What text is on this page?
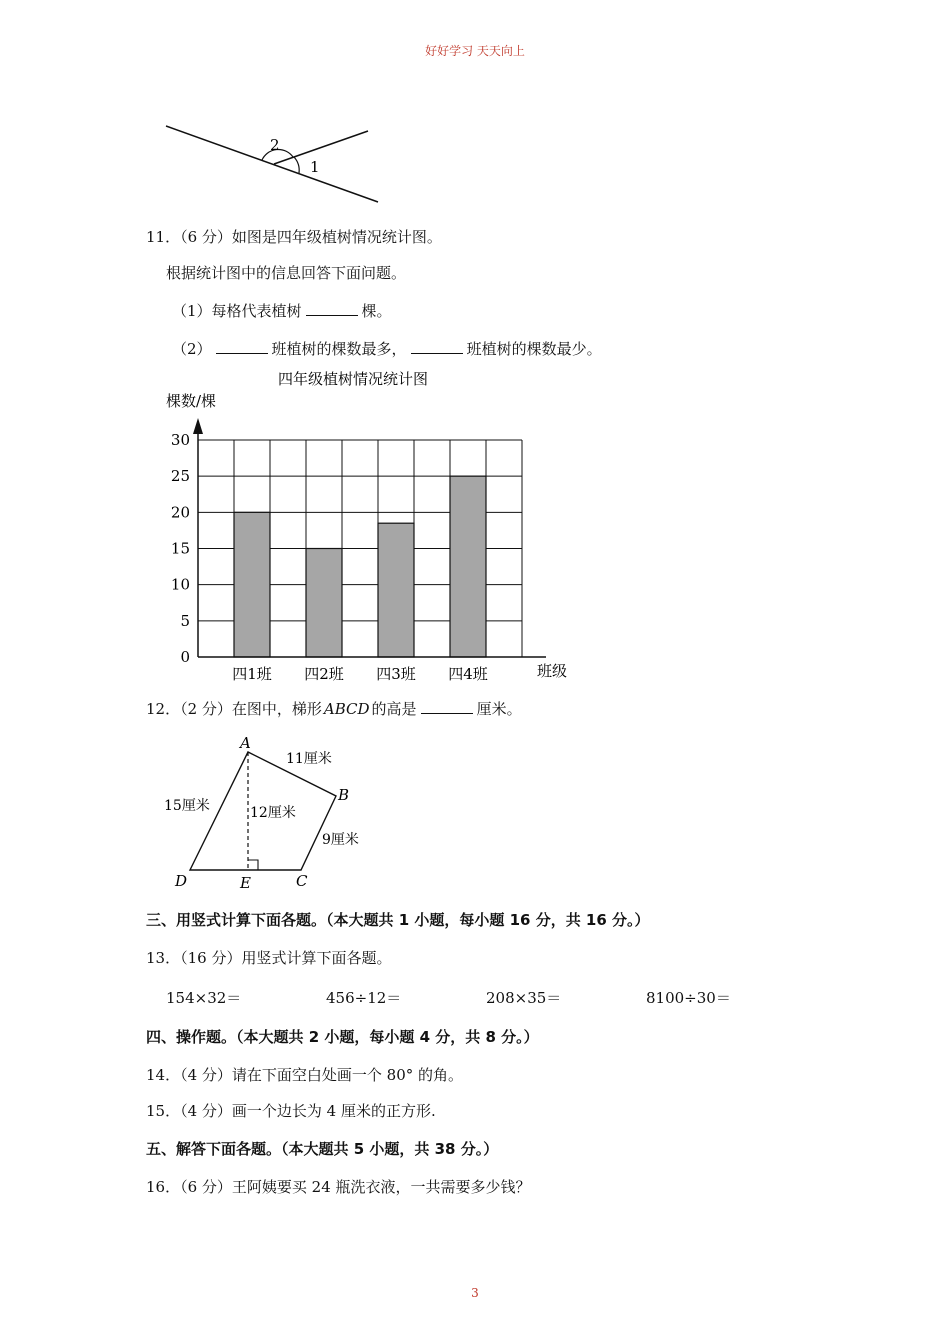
好好学习 天天向上
2
1
11．（6 分）如图是四年级植树情况统计图。
根据统计图中的信息回答下面问题。
（1）每格代表植树	棵。
（2）	班植树的棵数最多，	班植树的棵数最少。
四年级植树情况统计图
棵数/棵
班级
0
5
10
15
20
25
30
四1班 四2班 四3班 四4班
12．（2 分）在图中，梯形 ABCD 的高是	厘米。
A
B
C
D	E
11厘米
15厘米	12厘米
9厘米
三、用竖式计算下面各题。（本大题共 1 小题，每小题 16 分，共 16 分。）
13．（16 分）用竖式计算下面各题。
154×32＝	456÷12＝	208×35＝	8100÷30＝
四、操作题。（本大题共 2 小题，每小题 4 分，共 8 分。）
14．（4 分）请在下面空白处画一个 80° 的角。
15．（4 分）画一个边长为 4 厘米的正方形.
五、解答下面各题。（本大题共 5 小题，共 38 分。）
16．（6 分）王阿姨要买 24 瓶洗衣液，一共需要多少钱？
3
